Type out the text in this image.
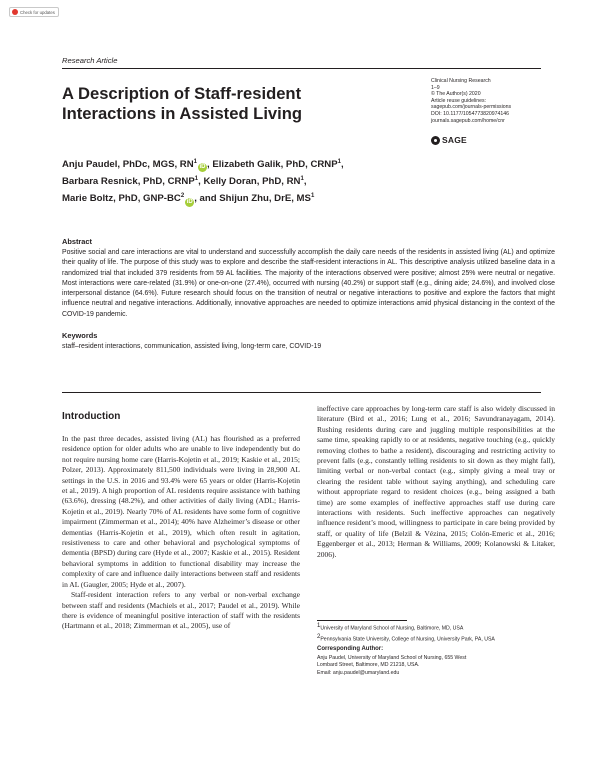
Check for updates
Research Article
A Description of Staff-resident Interactions in Assisted Living
Clinical Nursing Research
1–9
© The Author(s) 2020
Article reuse guidelines:
sagepub.com/journals-permissions
DOI: 10.1177/1054773820974146
journals.sagepub.com/home/cnr
SAGE
Anju Paudel, PhDc, MGS, $RN^1iD$ , Elizabeth Galik, PhD, CRNP$^1$,
Barbara Resnick, PhD, CRNP$^1$, Kelly Doran, PhD, $RN^1$,
Marie Boltz, PhD, GNP-$BC^2iD$ , and Shijun Zhu, DrE, $MS^1$
Abstract
Positive social and care interactions are vital to understand and successfully accomplish the daily care needs of the residents in assisted living (AL) and optimize their quality of life. The purpose of this study was to explore and describe the staff-resident interactions in AL. This descriptive analysis utilized baseline data in a randomized trial that included 379 residents from 59 AL facilities. The majority of the interactions observed were positive; almost 25% were neutral or negative. Most interactions were care-related (31.9%) or one-on-one (27.4%), occurred with nursing (40.2%) or support staff (e.g., dining aide; 24.6%), and involved close interpersonal distance (64.6%). Future research should focus on the transition of neutral or negative interactions to positive and explore the factors that might influence neutral and negative interactions. Additionally, innovative approaches are needed to optimize interactions amid physical distancing in the context of the COVID-19 pandemic.
Keywords
staff–resident interactions, communication, assisted living, long-term care, COVID-19
Introduction

In the past three decades, assisted living (AL) has flourished as a preferred residence option for older adults who are unable to live independently but do not require nursing home care (Harris-Kojetin et al., 2019; Kaskie et al., 2015; Polzer, 2013). Approximately 811,500 individuals were living in 28,900 AL settings in the U.S. in 2016 and 93.4% were 65 years or older (Harris-Kojetin et al., 2019). A high proportion of AL residents require assistance with bathing (63.6%), dressing (48.2%), and other activities of daily living (ADL; Harris-Kojetin et al., 2019). Nearly 70% of AL residents have some form of cognitive impairment (Zimmerman et al., 2014); 40% have Alzheimer’s disease or other dementias (Harris-Kojetin et al., 2019), which often result in agitation, resistiveness to care and other behavioral and psychological symptoms of dementia (BPSD) during care (Hyde et al., 2007; Kaskie et al., 2015). Resident behavioral symptoms in addition to functional disability may increase the complexity of care and influence daily interactions between staff and residents in AL (Gaugler, 2005; Hyde et al., 2007).

Staff-resident interaction refers to any verbal or non-verbal exchange between staff and residents (Machiels et al., 2017; Paudel et al., 2019). While there is evidence of meaningful positive interaction of staff with the residents (Hartmann et al., 2018; Zimmerman et al., 2005), use of

ineffective care approaches by long-term care staff is also widely discussed in literature (Bird et al., 2016; Lung et al., 2016; Savundranayagam, 2014). Rushing residents during care and juggling multiple responsibilities at the same time, speaking rapidly to or at residents, negative touching (e.g., quickly removing clothes to bathe a resident), discouraging and restricting activity to prevent falls (e.g., constantly telling residents to sit down as they might fall), limiting verbal or non-verbal contact (e.g., simply giving a meal tray or clearing the resident table without saying anything), and scheduling care without appropriate regard to resident choices (e.g., being assigned a bath time) are some examples of ineffective approaches staff use during care interactions with residents. Such ineffective approaches can negatively influence resident’s mood, willingness to participate in care being provided by staff, or quality of life (Belzil & Vézina, 2015; Colón-Emeric et al., 2016; Eggenberger et al., 2013; Herman & Williams, 2009; Kolanowski & Litaker, 2006).

$^1$University of Maryland School of Nursing, Baltimore, MD, USA
$^2$Pennsylvania State University, College of Nursing, University Park, PA, USA
Corresponding Author:
Anju Paudel, University of Maryland School of Nursing, 655 West
Lombard Street, Baltimore, MD 21218, USA.
Email: anju.paudel@umaryland.edu
